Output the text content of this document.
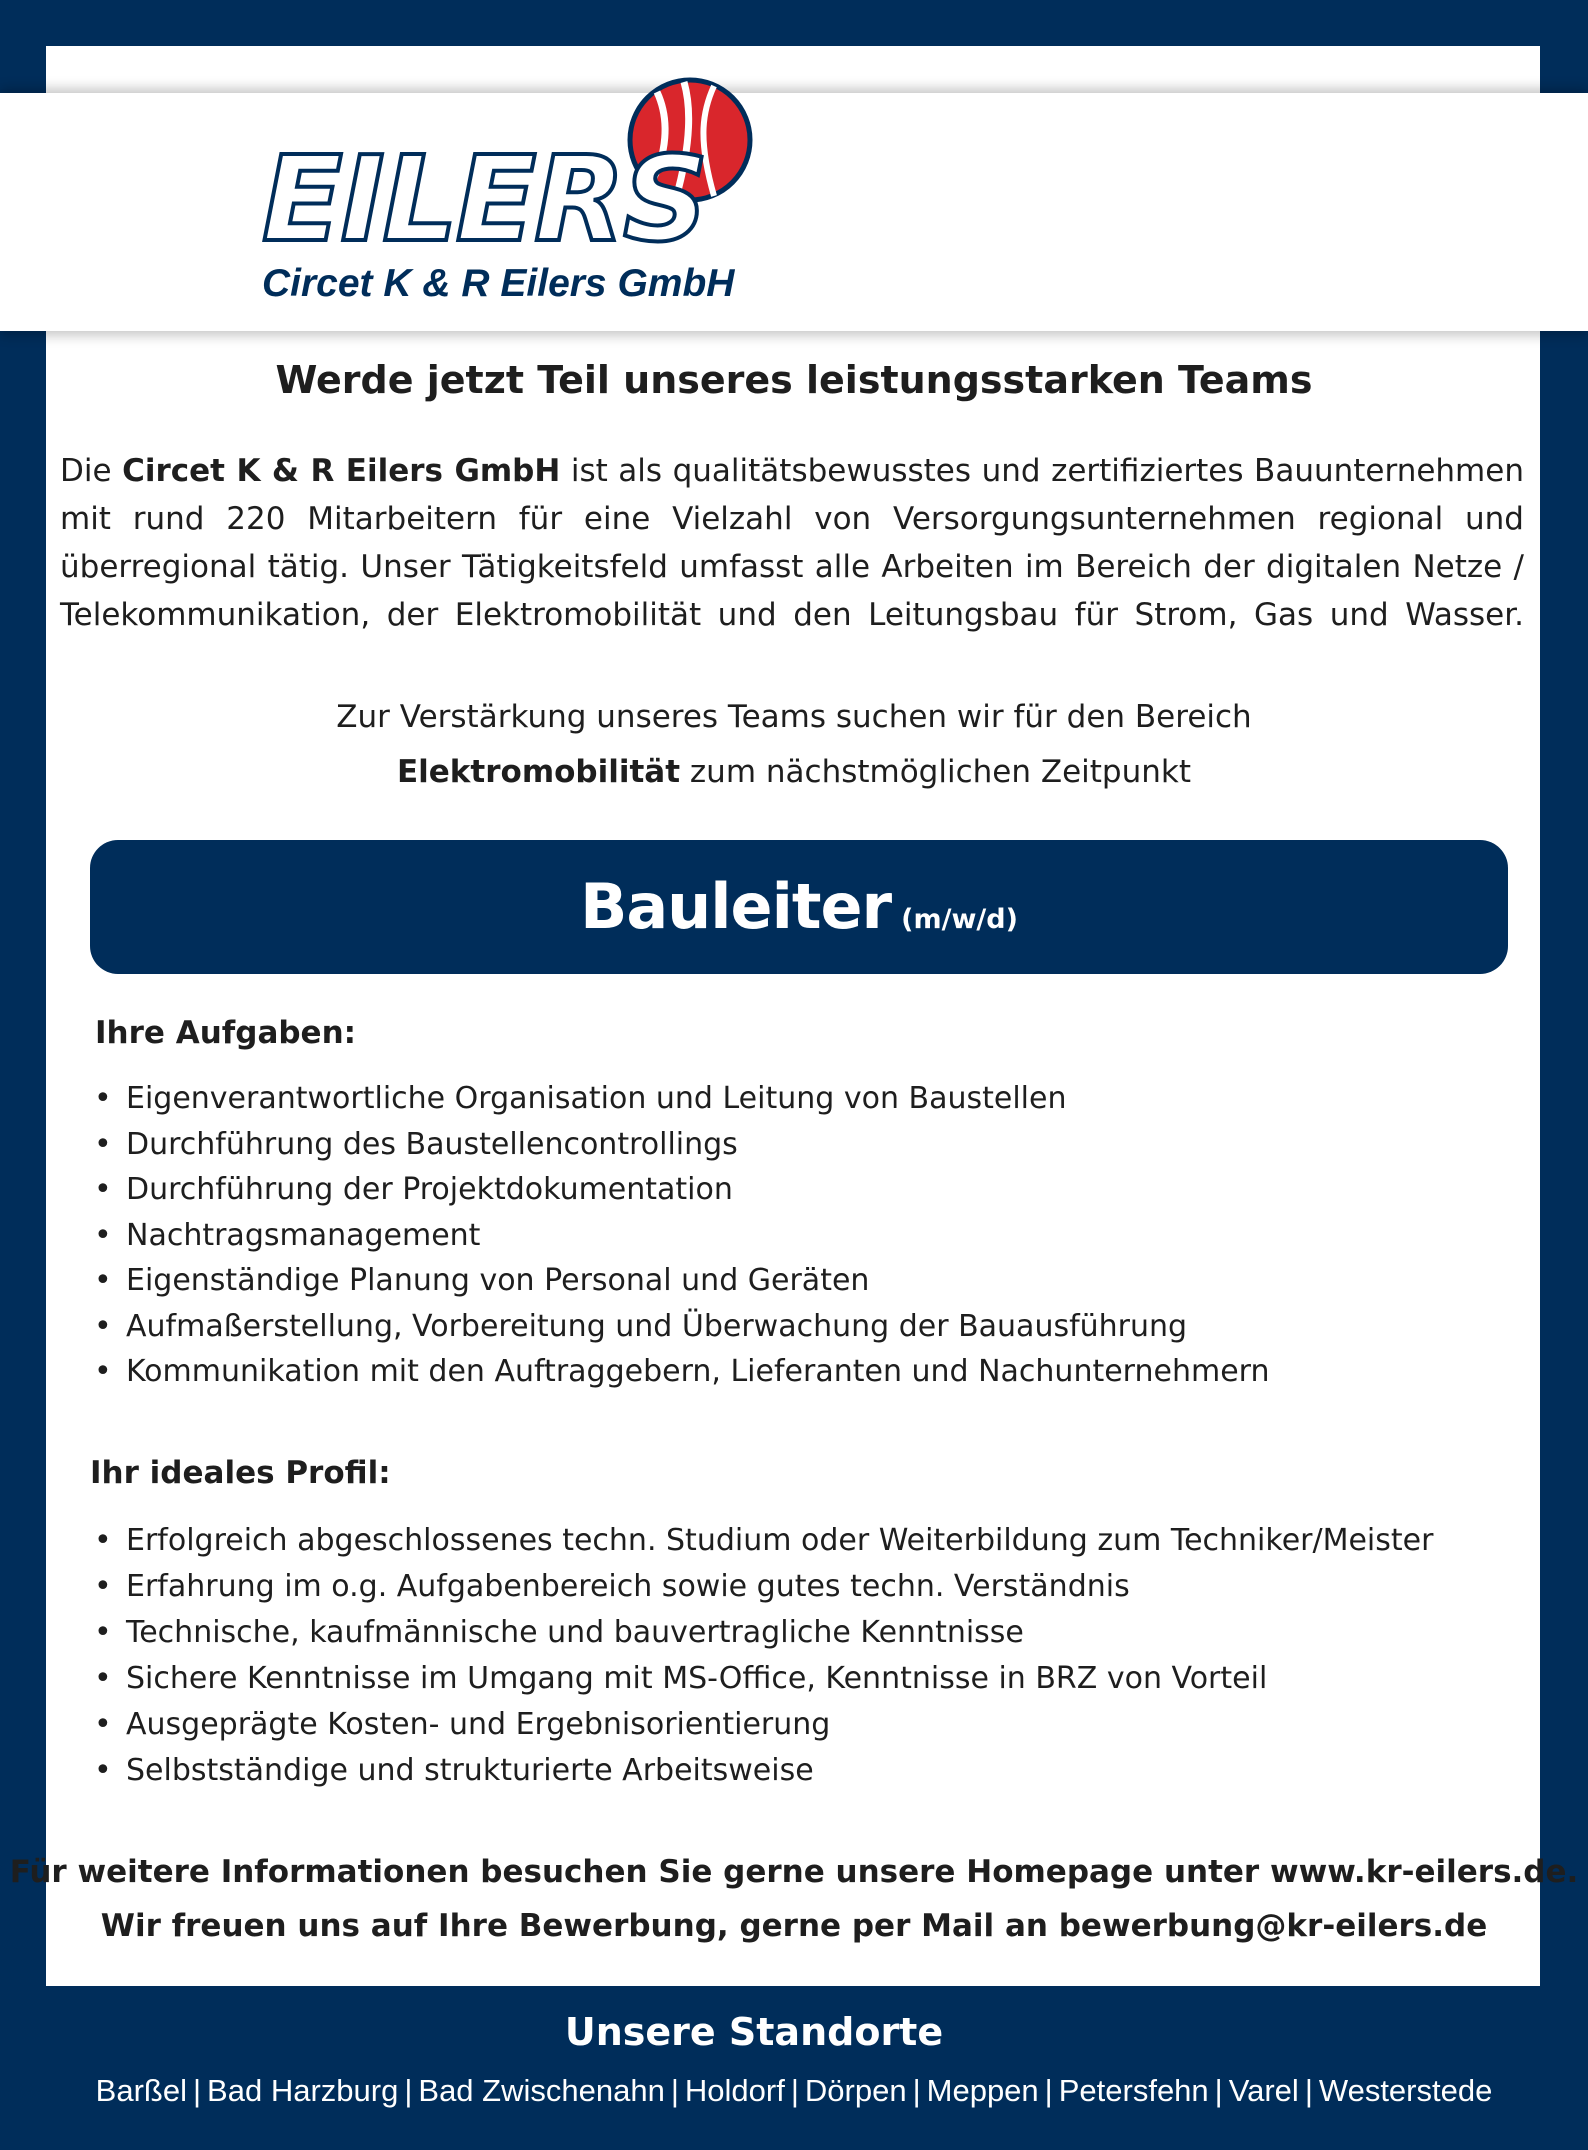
EILERS
Circet K & R Eilers GmbH
Werde jetzt Teil unseres leistungsstarken Teams
Die Circet K & R Eilers GmbH ist als qualitätsbewusstes und zertifiziertes Bauunternehmen
mit rund 220 Mitarbeitern für eine Vielzahl von Versorgungsunternehmen regional und
überregional tätig. Unser Tätigkeitsfeld umfasst alle Arbeiten im Bereich der digitalen Netze /
Telekommunikation, der Elektromobilität und den Leitungsbau für Strom, Gas und Wasser.
Zur Verstärkung unseres Teams suchen wir für den Bereich
Elektromobilität zum nächstmöglichen Zeitpunkt
Bauleiter (m/w/d)
Ihre Aufgaben:
• Eigenverantwortliche Organisation und Leitung von Baustellen
• Durchführung des Baustellencontrollings
• Durchführung der Projektdokumentation
• Nachtragsmanagement
• Eigenständige Planung von Personal und Geräten
• Aufmaßerstellung, Vorbereitung und Überwachung der Bauausführung
• Kommunikation mit den Auftraggebern, Lieferanten und Nachunternehmern
Ihr ideales Profil:
• Erfolgreich abgeschlossenes techn. Studium oder Weiterbildung zum Techniker/Meister
• Erfahrung im o.g. Aufgabenbereich sowie gutes techn. Verständnis
• Technische, kaufmännische und bauvertragliche Kenntnisse
• Sichere Kenntnisse im Umgang mit MS-Office, Kenntnisse in BRZ von Vorteil
• Ausgeprägte Kosten- und Ergebnisorientierung
• Selbstständige und strukturierte Arbeitsweise
Für weitere Informationen besuchen Sie gerne unsere Homepage unter www.kr-eilers.de.
Wir freuen uns auf Ihre Bewerbung, gerne per Mail an bewerbung@kr-eilers.de
Unsere Standorte
Barßel | Bad Harzburg | Bad Zwischenahn | Holdorf | Dörpen | Meppen | Petersfehn | Varel | Westerstede
